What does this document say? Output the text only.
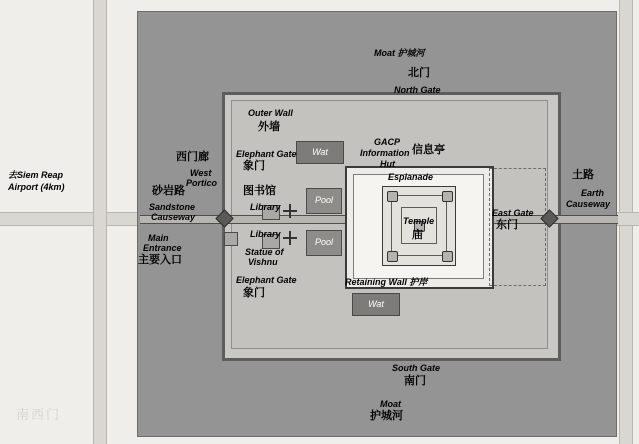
Wat
Wat
Pool
Pool
Moat 护城河
北门
North Gate
Outer Wall
外墙
GACP
Information
Hut
信息亭
Esplanade
Temple
庙
Retaining Wall 护岸
East Gate
东门
土路
Earth
Causeway
西门廊
West
Portico
砂岩路
Sandstone
Causeway
Main
Entrance
主要入口
Elephant Gate
象门
图书馆
Library
Library
Statue of
Vishnu
Elephant Gate
象门
South Gate
南门
Moat
护城河
去Siem Reap
Airport (4km)
南西门
